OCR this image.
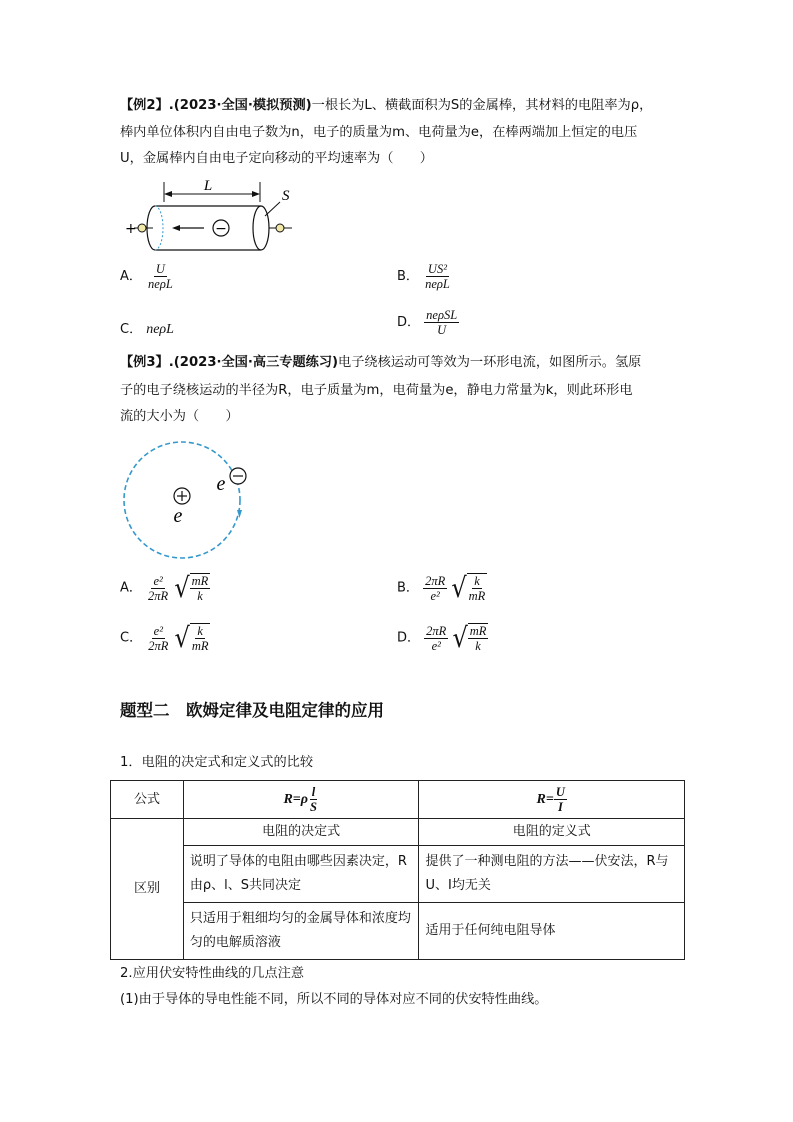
【例2】.(2023·全国·模拟预测)一根长为L、横截面积为S的金属棒，其材料的电阻率为ρ，
棒内单位体积内自由电子数为n，电子的质量为m、电荷量为e，在棒两端加上恒定的电压
U，金属棒内自由电子定向移动的平均速率为（　　）
L
−
S
+
A． $\frac{U}{\text{neρL}}$	B． $\frac{\text{US²}}{\text{neρL}}$
C． neρL	D． $\frac{\text{neρSL}}{U}$
【例3】.(2023·全国·高三专题练习)电子绕核运动可等效为一环形电流，如图所示。氢原
子的电子绕核运动的半径为R，电子质量为m，电荷量为e，静电力常量为k，则此环形电
流的大小为（　　）
e
e
A． $\frac{\text{e²}}{2\pi R}$
√ $\frac{mR}{k}$	B． $\frac{2\pi R}{\text{e²}}$
√ $\frac{k}{mR}$
C． $\frac{\text{e²}}{2\pi R}$
√ $\frac{k}{mR}$	D． $\frac{2\pi R}{\text{e²}}$
√ $\frac{mR}{k}$
题型二　欧姆定律及电阻定律的应用
1．电阻的决定式和定义式的比较
公式	$R=\rho \frac{l}{S}$	$R= \frac{U}{I}$

区别	电阻的决定式	电阻的定义式
	说明了导体的电阻由哪些因素决定，R由ρ、l、S共同决定	提供了一种测电阻的方法——伏安法，R与U、I均无关
	只适用于粗细均匀的金属导体和浓度均匀的电解质溶液	适用于任何纯电阻导体
2.应用伏安特性曲线的几点注意
(1)由于导体的导电性能不同，所以不同的导体对应不同的伏安特性曲线。
